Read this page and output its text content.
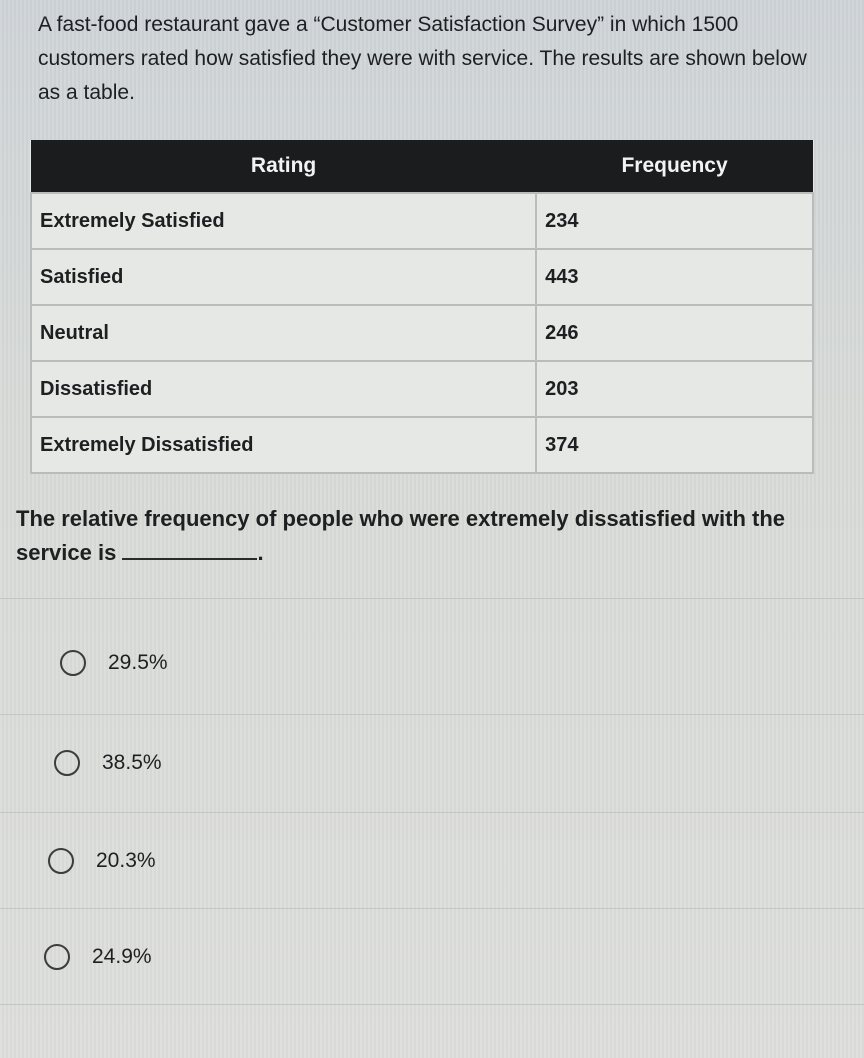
A fast-food restaurant gave a “Customer Satisfaction Survey” in which 1500 customers rated how satisfied they were with service. The results are shown below as a table.

Rating	Frequency
Extremely Satisfied	234
Satisfied	443
Neutral	246
Dissatisfied	203
Extremely Dissatisfied	374

The relative frequency of people who were extremely dissatisfied with the service is	.

29.5%
38.5%
20.3%
24.9%
